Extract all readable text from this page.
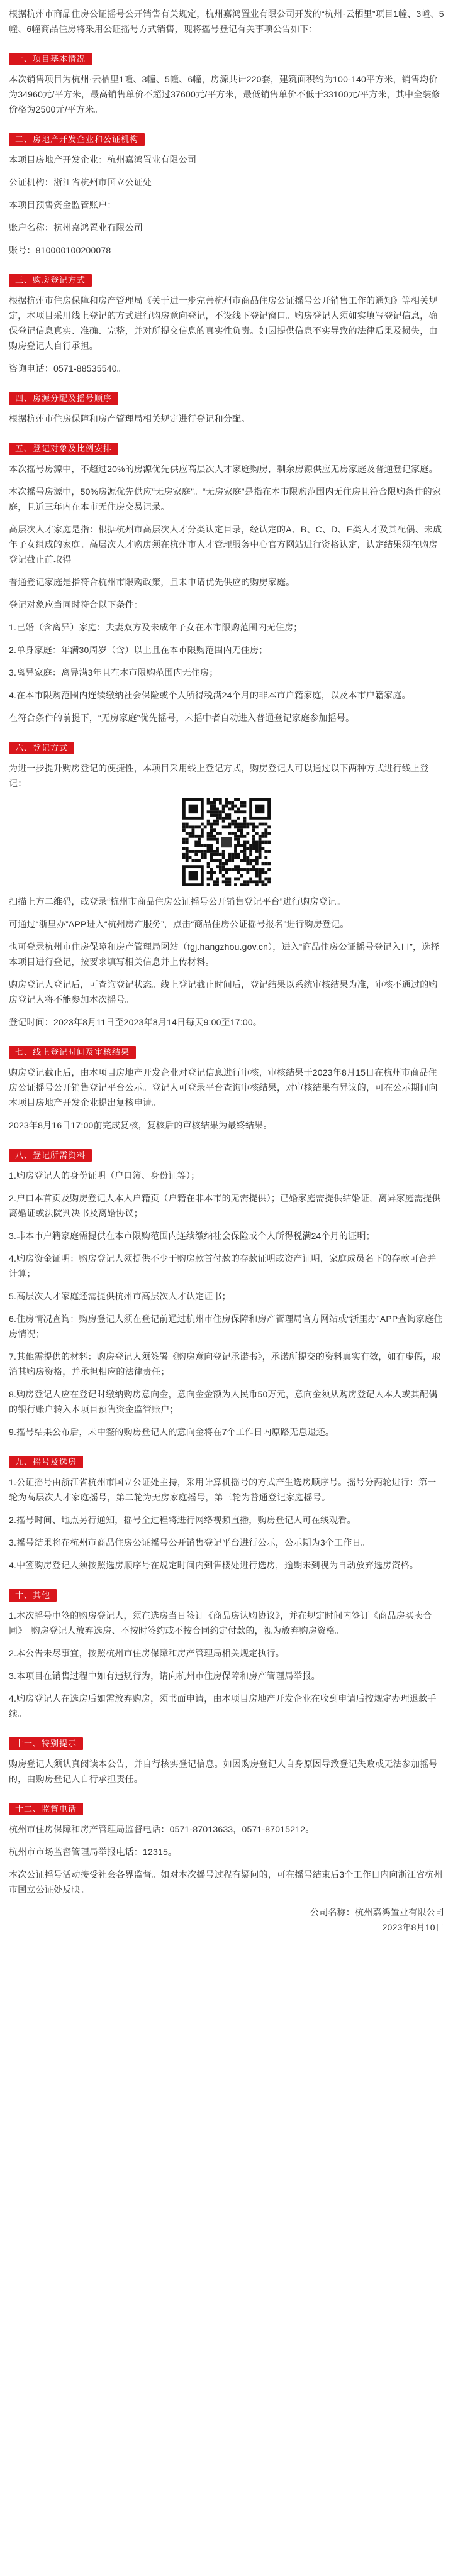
根据杭州市商品住房公证摇号公开销售有关规定，杭州嘉鸿置业有限公司开发的“杭州·云栖里”项目1幢、3幢、5幢、6幢商品住房将采用公证摇号方式销售，现将摇号登记有关事项公告如下：

一、项目基本情况

本次销售项目为杭州·云栖里1幢、3幢、5幢、6幢，房源共计220套，建筑面积约为100-140平方米，销售均价为34960元/平方米，最高销售单价不超过37600元/平方米，最低销售单价不低于33100元/平方米，其中全装修价格为2500元/平方米。

二、房地产开发企业和公证机构

本项目房地产开发企业：杭州嘉鸿置业有限公司

公证机构：浙江省杭州市国立公证处

本项目预售资金监管账户：

账户名称：杭州嘉鸿置业有限公司

账号：810000100200078

三、购房登记方式

根据杭州市住房保障和房产管理局《关于进一步完善杭州市商品住房公证摇号公开销售工作的通知》等相关规定，本项目采用线上登记的方式进行购房意向登记，不设线下登记窗口。购房登记人须如实填写登记信息，确保登记信息真实、准确、完整，并对所提交信息的真实性负责。如因提供信息不实导致的法律后果及损失，由购房登记人自行承担。

咨询电话：0571-88535540。

四、房源分配及摇号顺序

根据杭州市住房保障和房产管理局相关规定进行登记和分配。

五、登记对象及比例安排

本次摇号房源中，不超过20%的房源优先供应高层次人才家庭购房，剩余房源供应无房家庭及普通登记家庭。

本次摇号房源中，50%房源优先供应“无房家庭”。“无房家庭”是指在本市限购范围内无住房且符合限购条件的家庭，且近三年内在本市无住房交易记录。

高层次人才家庭是指：根据杭州市高层次人才分类认定目录，经认定的A、B、C、D、E类人才及其配偶、未成年子女组成的家庭。高层次人才购房须在杭州市人才管理服务中心官方网站进行资格认定，认定结果须在购房登记截止前取得。

普通登记家庭是指符合杭州市限购政策，且未申请优先供应的购房家庭。

登记对象应当同时符合以下条件：

1.已婚（含离异）家庭：夫妻双方及未成年子女在本市限购范围内无住房；

2.单身家庭：年满30周岁（含）以上且在本市限购范围内无住房；

3.离异家庭：离异满3年且在本市限购范围内无住房；

4.在本市限购范围内连续缴纳社会保险或个人所得税满24个月的非本市户籍家庭，以及本市户籍家庭。

在符合条件的前提下，“无房家庭”优先摇号，未摇中者自动进入普通登记家庭参加摇号。

六、登记方式

为进一步提升购房登记的便捷性，本项目采用线上登记方式，购房登记人可以通过以下两种方式进行线上登记：

扫描上方二维码，或登录“杭州市商品住房公证摇号公开销售登记平台”进行购房登记。

可通过“浙里办”APP进入“杭州房产服务”，点击“商品住房公证摇号报名”进行购房登记。

也可登录杭州市住房保障和房产管理局网站（fgj.hangzhou.gov.cn），进入“商品住房公证摇号登记入口”，选择本项目进行登记，按要求填写相关信息并上传材料。

购房登记人登记后，可查询登记状态。线上登记截止时间后，登记结果以系统审核结果为准，审核不通过的购房登记人将不能参加本次摇号。

登记时间：2023年8月11日至2023年8月14日每天9:00至17:00。

七、线上登记时间及审核结果

购房登记截止后，由本项目房地产开发企业对登记信息进行审核，审核结果于2023年8月15日在杭州市商品住房公证摇号公开销售登记平台公示。登记人可登录平台查询审核结果，对审核结果有异议的，可在公示期间向本项目房地产开发企业提出复核申请。

2023年8月16日17:00前完成复核，复核后的审核结果为最终结果。

八、登记所需资料

1.购房登记人的身份证明（户口簿、身份证等）；

2.户口本首页及购房登记人本人户籍页（户籍在非本市的无需提供）；已婚家庭需提供结婚证，离异家庭需提供离婚证或法院判决书及离婚协议；

3.非本市户籍家庭需提供在本市限购范围内连续缴纳社会保险或个人所得税满24个月的证明；

4.购房资金证明：购房登记人须提供不少于购房款首付款的存款证明或资产证明，家庭成员名下的存款可合并计算；

5.高层次人才家庭还需提供杭州市高层次人才认定证书；

6.住房情况查询：购房登记人须在登记前通过杭州市住房保障和房产管理局官方网站或“浙里办”APP查询家庭住房情况；

7.其他需提供的材料：购房登记人须签署《购房意向登记承诺书》，承诺所提交的资料真实有效，如有虚假，取消其购房资格，并承担相应的法律责任；

8.购房登记人应在登记时缴纳购房意向金，意向金金额为人民币50万元，意向金须从购房登记人本人或其配偶的银行账户转入本项目预售资金监管账户；

9.摇号结果公布后，未中签的购房登记人的意向金将在7个工作日内原路无息退还。

九、摇号及选房

1.公证摇号由浙江省杭州市国立公证处主持，采用计算机摇号的方式产生选房顺序号。摇号分两轮进行：第一轮为高层次人才家庭摇号，第二轮为无房家庭摇号，第三轮为普通登记家庭摇号。

2.摇号时间、地点另行通知，摇号全过程将进行网络视频直播，购房登记人可在线观看。

3.摇号结果将在杭州市商品住房公证摇号公开销售登记平台进行公示，公示期为3个工作日。

4.中签购房登记人须按照选房顺序号在规定时间内到售楼处进行选房，逾期未到视为自动放弃选房资格。

十、其他

1.本次摇号中签的购房登记人，须在选房当日签订《商品房认购协议》，并在规定时间内签订《商品房买卖合同》。购房登记人放弃选房、不按时签约或不按合同约定付款的，视为放弃购房资格。

2.本公告未尽事宜，按照杭州市住房保障和房产管理局相关规定执行。

3.本项目在销售过程中如有违规行为，请向杭州市住房保障和房产管理局举报。

4.购房登记人在选房后如需放弃购房，须书面申请，由本项目房地产开发企业在收到申请后按规定办理退款手续。

十一、特别提示

购房登记人须认真阅读本公告，并自行核实登记信息。如因购房登记人自身原因导致登记失败或无法参加摇号的，由购房登记人自行承担责任。

十二、监督电话

杭州市住房保障和房产管理局监督电话：0571-87013633，0571-87015212。

杭州市市场监督管理局举报电话：12315。

本次公证摇号活动接受社会各界监督。如对本次摇号过程有疑问的，可在摇号结束后3个工作日内向浙江省杭州市国立公证处反映。

公司名称：杭州嘉鸿置业有限公司

2023年8月10日
